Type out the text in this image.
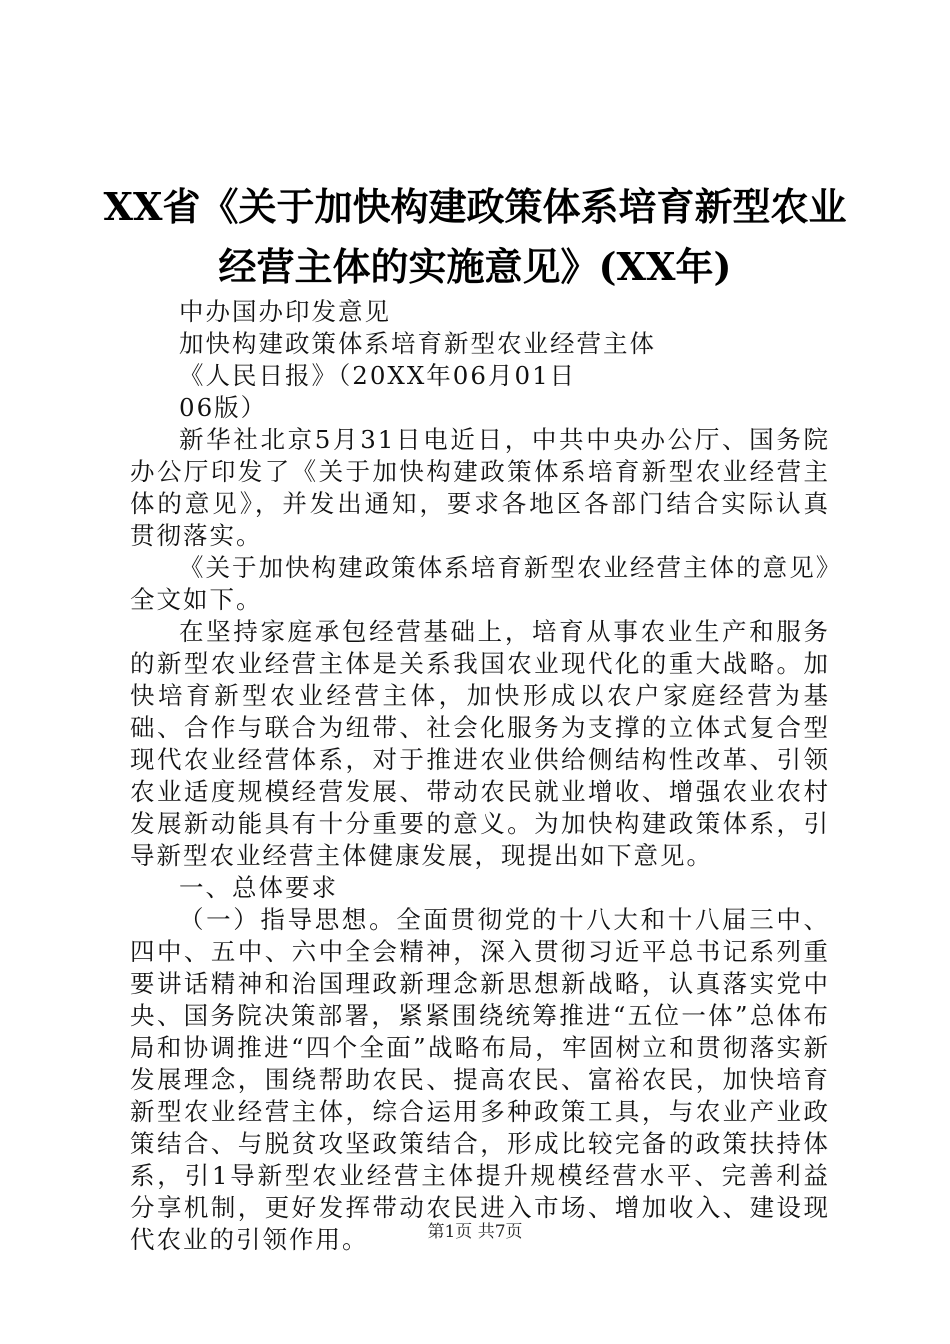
XX省《关于加快构建政策体系培育新型农业
经营主体的实施意见》(XX年)

中办国办印发意见

加快构建政策体系培育新型农业经营主体

《人民日报》（20XX年06月01日

06版）

新华社北京5月31日电近日，中共中央办公厅、国务院办公厅印发了《关于加快构建政策体系培育新型农业经营主体的意见》，并发出通知，要求各地区各部门结合实际认真贯彻落实。

《关于加快构建政策体系培育新型农业经营主体的意见》全文如下。

在坚持家庭承包经营基础上，培育从事农业生产和服务的新型农业经营主体是关系我国农业现代化的重大战略。加快培育新型农业经营主体，加快形成以农户家庭经营为基础、合作与联合为纽带、社会化服务为支撑的立体式复合型现代农业经营体系，对于推进农业供给侧结构性改革、引领农业适度规模经营发展、带动农民就业增收、增强农业农村发展新动能具有十分重要的意义。为加快构建政策体系，引导新型农业经营主体健康发展，现提出如下意见。

一、总体要求

（一）指导思想。全面贯彻党的十八大和十八届三中、四中、五中、六中全会精神，深入贯彻习近平总书记系列重要讲话精神和治国理政新理念新思想新战略，认真落实党中央、国务院决策部署，紧紧围绕统筹推进“五位一体”总体布局和协调推进“四个全面”战略布局，牢固树立和贯彻落实新发展理念，围绕帮助农民、提高农民、富裕农民，加快培育新型农业经营主体，综合运用多种政策工具，与农业产业政策结合、与脱贫攻坚政策结合，形成比较完备的政策扶持体系，引1导新型农业经营主体提升规模经营水平、完善利益分享机制，更好发挥带动农民进入市场、增加收入、建设现代农业的引领作用。	第1页 共7页
